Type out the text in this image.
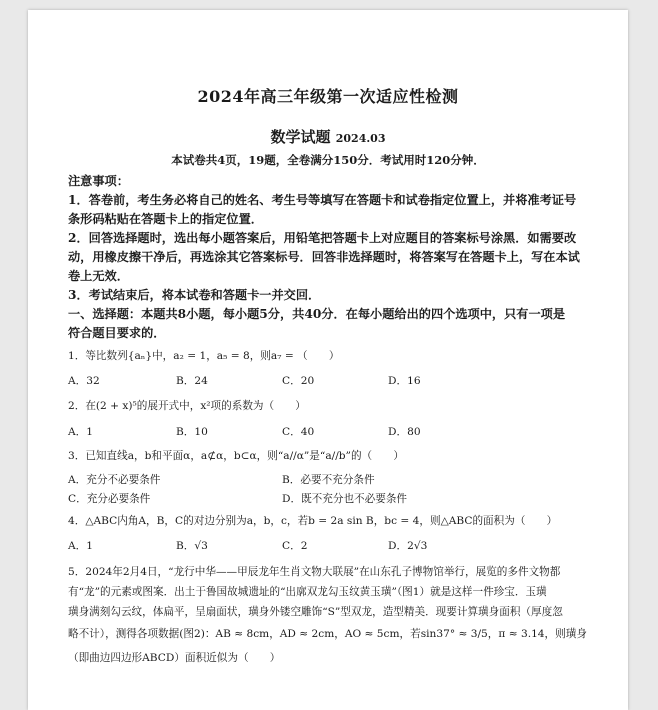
2024年高三年级第一次适应性检测
数学试题 2024.03
本试卷共4页，19题，全卷满分150分．考试用时120分钟．
注意事项：
1．答卷前，考生务必将自己的姓名、考生号等填写在答题卡和试卷指定位置上，并将准考证号
条形码粘贴在答题卡上的指定位置．
2．回答选择题时，选出每小题答案后，用铅笔把答题卡上对应题目的答案标号涂黑．如需要改
动，用橡皮擦干净后，再选涂其它答案标号．回答非选择题时，将答案写在答题卡上，写在本试
卷上无效．
3．考试结束后，将本试卷和答题卡一并交回．
一、选择题：本题共8小题，每小题5分，共40分．在每小题给出的四个选项中，只有一项是
符合题目要求的．
1．等比数列{aₙ}中，a₂ = 1，a₅ = 8，则a₇ = （　　）
A．32	B．24	C．20	D．16
2．在(2 + x)⁵的展开式中，x²项的系数为（　　）
A．1	B．10	C．40	D．80
3．已知直线a，b和平面α，a⊄α，b⊂α，则“a//α”是“a//b”的（　　）
A．充分不必要条件	B．必要不充分条件
C．充分必要条件	D．既不充分也不必要条件
4．△ABC内角A，B，C的对边分别为a，b，c，若b = 2a sin B，bc = 4，则△ABC的面积为（　　）
A．1	B．√3	C．2	D．2√3
5．2024年2月4日，“龙行中华——甲辰龙年生肖文物大联展”在山东孔子博物馆举行，展览的多件文物都
有“龙”的元素或图案．出土于鲁国故城遗址的“出廓双龙勾玉纹黄玉璜”（图1）就是这样一件珍宝．玉璜
璜身满刻勾云纹，体扁平，呈扇面状，璜身外镂空雕饰“S”型双龙，造型精美．现要计算璜身面积（厚度忽
略不计），测得各项数据(图2)：AB ≈ 8cm，AD ≈ 2cm，AO ≈ 5cm，若sin37° ≈ 3/5，π ≈ 3.14，则璜身
（即曲边四边形ABCD）面积近似为（　　）
